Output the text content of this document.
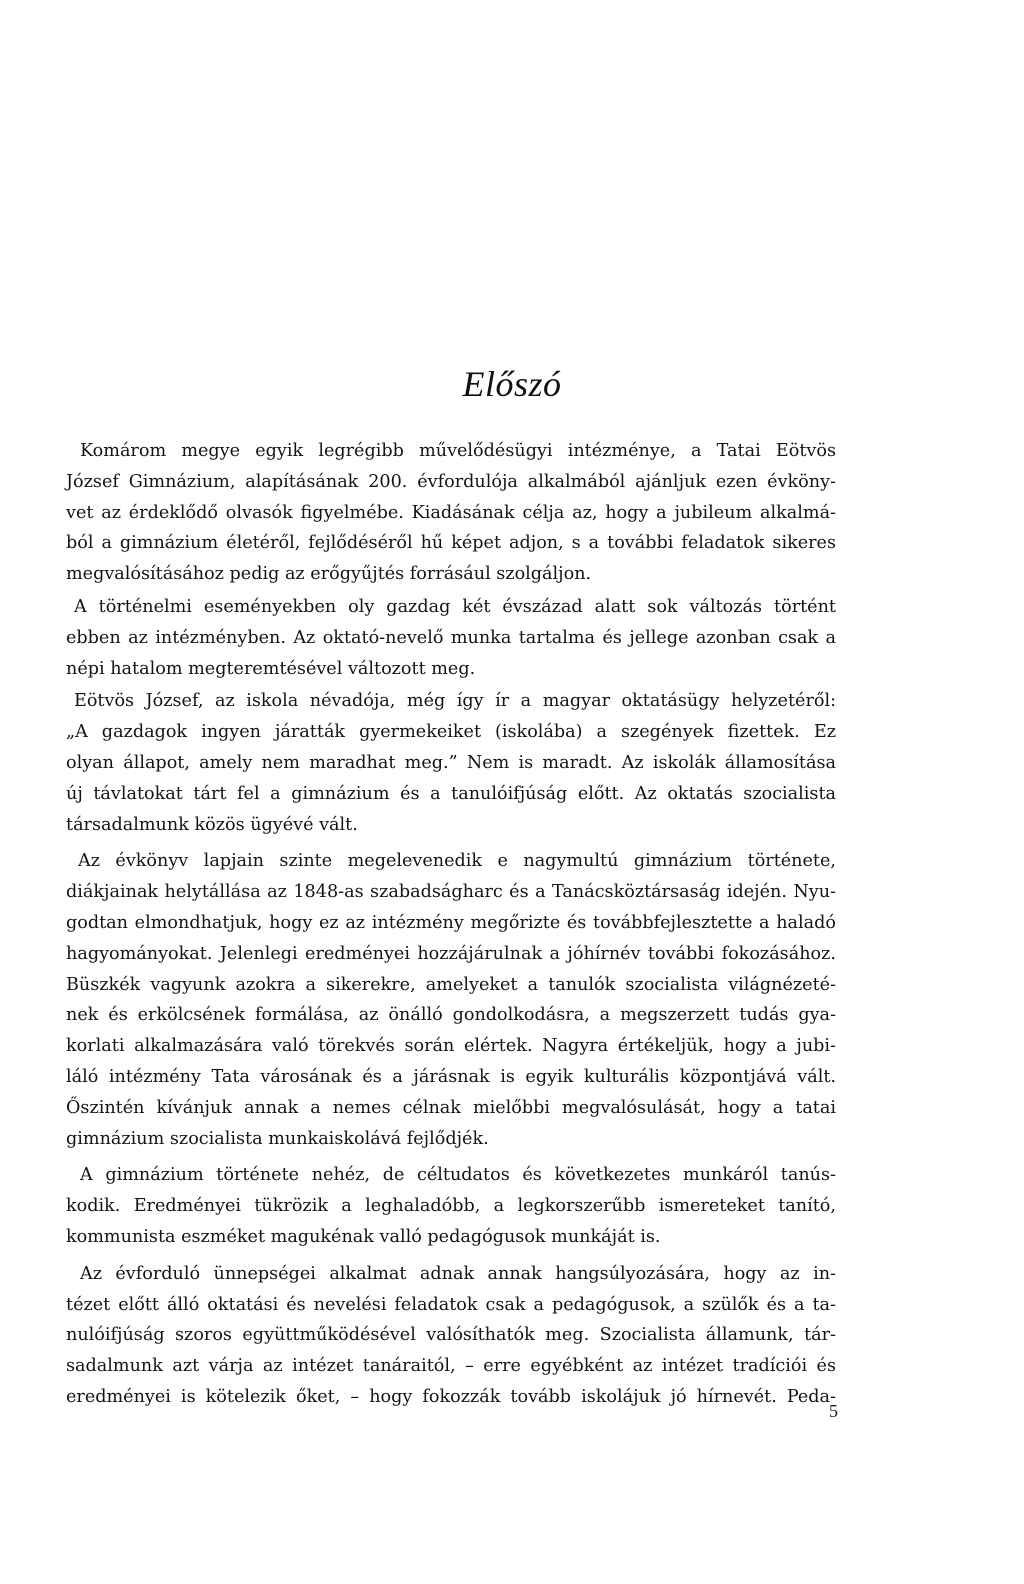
Előszó

Komárom megye egyik legrégibb művelődésügyi intézménye, a Tatai Eötvös
József Gimnázium, alapításának 200. évfordulója alkalmából ajánljuk ezen évköny-
vet az érdeklődő olvasók figyelmébe. Kiadásának célja az, hogy a jubileum alkalmá-
ból a gimnázium életéről, fejlődéséről hű képet adjon, s a további feladatok sikeres
megvalósításához pedig az erőgyűjtés forrásául szolgáljon.

A történelmi eseményekben oly gazdag két évszázad alatt sok változás történt
ebben az intézményben. Az oktató-nevelő munka tartalma és jellege azonban csak a
népi hatalom megteremtésével változott meg.

Eötvös József, az iskola névadója, még így ír a magyar oktatásügy helyzetéről:
„A gazdagok ingyen járatták gyermekeiket (iskolába) a szegények fizettek. Ez
olyan állapot, amely nem maradhat meg.” Nem is maradt. Az iskolák államosítása
új távlatokat tárt fel a gimnázium és a tanulóifjúság előtt. Az oktatás szocialista
társadalmunk közös ügyévé vált.

Az évkönyv lapjain szinte megelevenedik e nagymultú gimnázium története,
diákjainak helytállása az 1848-as szabadságharc és a Tanácsköztársaság idején. Nyu-
godtan elmondhatjuk, hogy ez az intézmény megőrizte és továbbfejlesztette a haladó
hagyományokat. Jelenlegi eredményei hozzájárulnak a jóhírnév további fokozásához.
Büszkék vagyunk azokra a sikerekre, amelyeket a tanulók szocialista világnézeté-
nek és erkölcsének formálása, az önálló gondolkodásra, a megszerzett tudás gya-
korlati alkalmazására való törekvés során elértek. Nagyra értékeljük, hogy a jubi-
láló intézmény Tata városának és a járásnak is egyik kulturális központjává vált.
Őszintén kívánjuk annak a nemes célnak mielőbbi megvalósulását, hogy a tatai
gimnázium szocialista munkaiskolává fejlődjék.

A gimnázium története nehéz, de céltudatos és következetes munkáról tanús-
kodik. Eredményei tükrözik a leghaladóbb, a legkorszerűbb ismereteket tanító,
kommunista eszméket magukénak valló pedagógusok munkáját is.

Az évforduló ünnepségei alkalmat adnak annak hangsúlyozására, hogy az in-
tézet előtt álló oktatási és nevelési feladatok csak a pedagógusok, a szülők és a ta-
nulóifjúság szoros együttműködésével valósíthatók meg. Szocialista államunk, tár-
sadalmunk azt várja az intézet tanáraitól, – erre egyébként az intézet tradíciói és
eredményei is kötelezik őket, – hogy fokozzák tovább iskolájuk jó hírnevét. Peda-

5
